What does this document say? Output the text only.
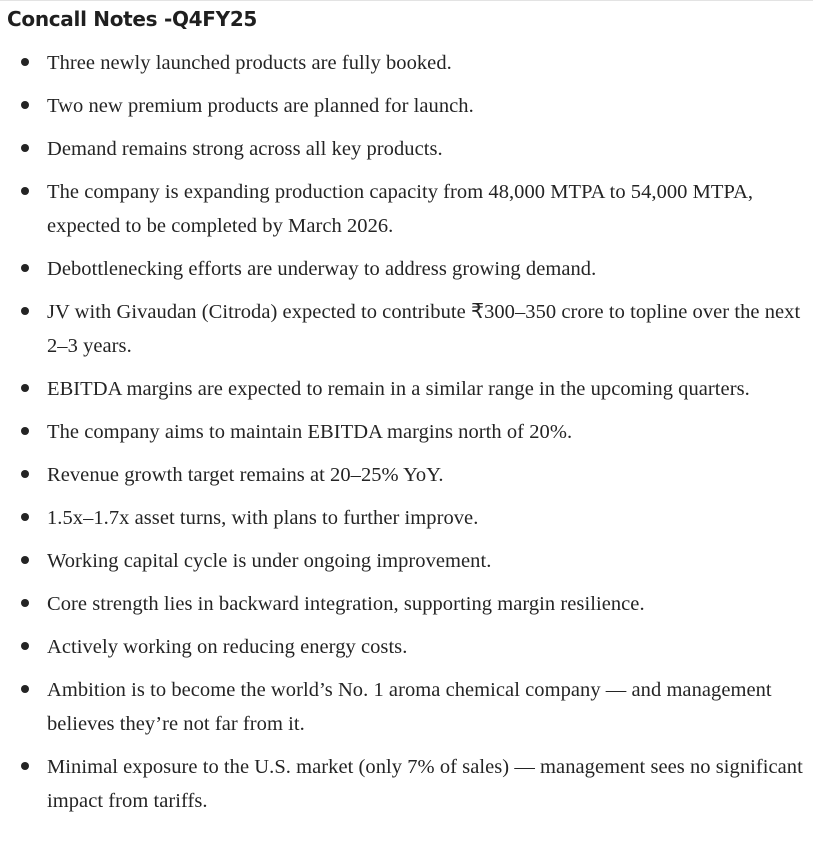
Concall Notes -Q4FY25
Three newly launched products are fully booked.
Two new premium products are planned for launch.
Demand remains strong across all key products.
The company is expanding production capacity from 48,000 MTPA to 54,000 MTPA, expected to be completed by March 2026.
Debottlenecking efforts are underway to address growing demand.
JV with Givaudan (Citroda) expected to contribute ₹300–350 crore to topline over the next 2–3 years.
EBITDA margins are expected to remain in a similar range in the upcoming quarters.
The company aims to maintain EBITDA margins north of 20%.
Revenue growth target remains at 20–25% YoY.
1.5x–1.7x asset turns, with plans to further improve.
Working capital cycle is under ongoing improvement.
Core strength lies in backward integration, supporting margin resilience.
Actively working on reducing energy costs.
Ambition is to become the world’s No. 1 aroma chemical company — and management believes they’re not far from it.
Minimal exposure to the U.S. market (only 7% of sales) — management sees no significant impact from tariffs.
